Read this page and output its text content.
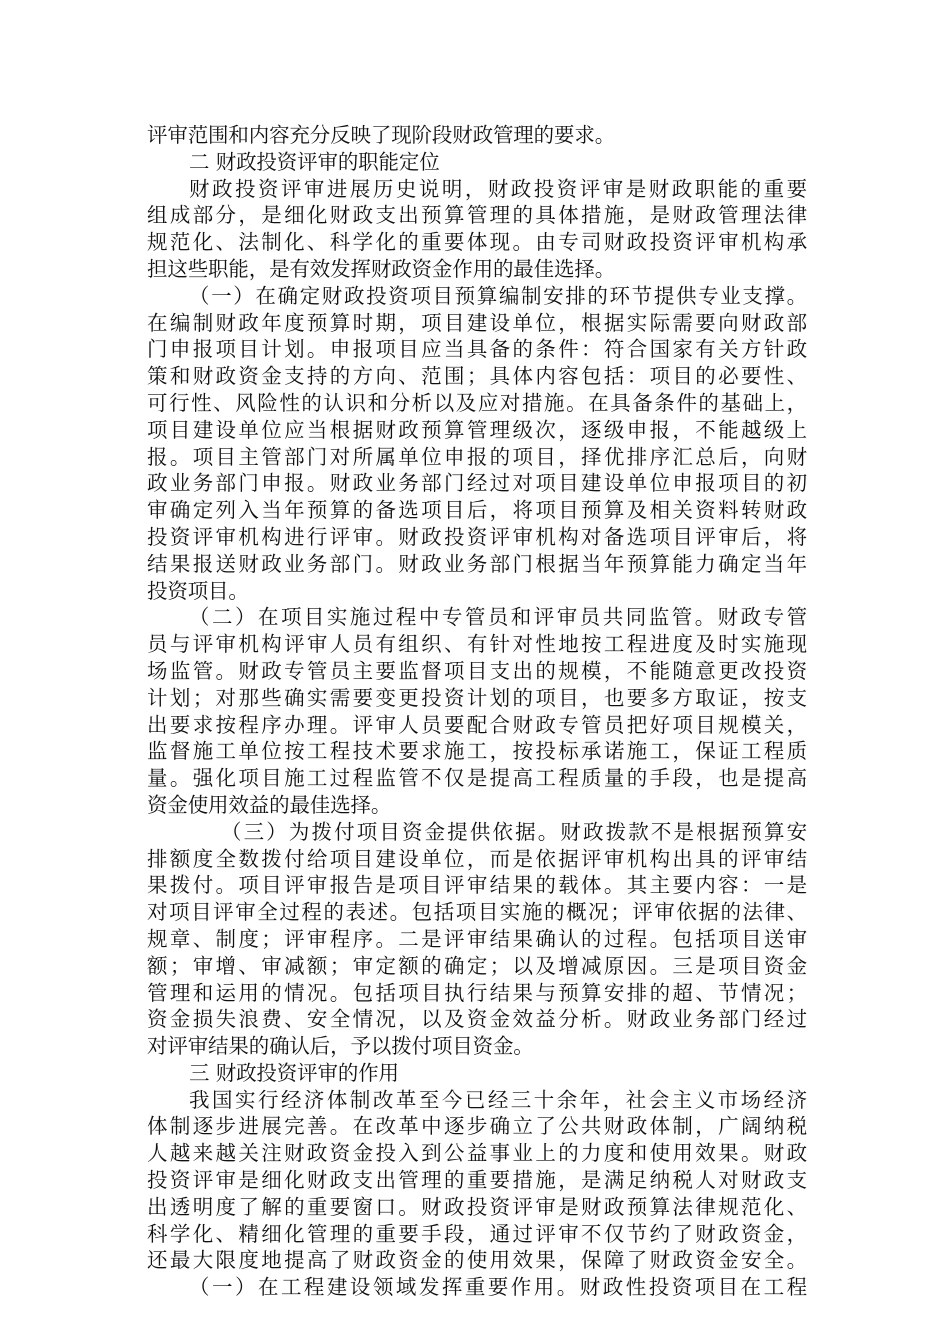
评审范围和内容充分反映了现阶段财政管理的要求。
二 财政投资评审的职能定位
财政投资评审进展历史说明，财政投资评审是财政职能的重要
组成部分，是细化财政支出预算管理的具体措施，是财政管理法律
规范化、法制化、科学化的重要体现。由专司财政投资评审机构承
担这些职能，是有效发挥财政资金作用的最佳选择。
（一）在确定财政投资项目预算编制安排的环节提供专业支撑。
在编制财政年度预算时期，项目建设单位，根据实际需要向财政部
门申报项目计划。申报项目应当具备的条件：符合国家有关方针政
策和财政资金支持的方向、范围；具体内容包括：项目的必要性、
可行性、风险性的认识和分析以及应对措施。在具备条件的基础上，
项目建设单位应当根据财政预算管理级次，逐级申报，不能越级上
报。项目主管部门对所属单位申报的项目，择优排序汇总后，向财
政业务部门申报。财政业务部门经过对项目建设单位申报项目的初
审确定列入当年预算的备选项目后，将项目预算及相关资料转财政
投资评审机构进行评审。财政投资评审机构对备选项目评审后，将
结果报送财政业务部门。财政业务部门根据当年预算能力确定当年
投资项目。
（二）在项目实施过程中专管员和评审员共同监管。财政专管
员与评审机构评审人员有组织、有针对性地按工程进度及时实施现
场监管。财政专管员主要监督项目支出的规模，不能随意更改投资
计划；对那些确实需要变更投资计划的项目，也要多方取证，按支
出要求按程序办理。评审人员要配合财政专管员把好项目规模关，
监督施工单位按工程技术要求施工，按投标承诺施工，保证工程质
量。强化项目施工过程监管不仅是提高工程质量的手段，也是提高
资金使用效益的最佳选择。
（三）为拨付项目资金提供依据。财政拨款不是根据预算安
排额度全数拨付给项目建设单位，而是依据评审机构出具的评审结
果拨付。项目评审报告是项目评审结果的载体。其主要内容：一是
对项目评审全过程的表述。包括项目实施的概况；评审依据的法律、
规章、制度；评审程序。二是评审结果确认的过程。包括项目送审
额；审增、审减额；审定额的确定；以及增减原因。三是项目资金
管理和运用的情况。包括项目执行结果与预算安排的超、节情况；
资金损失浪费、安全情况，以及资金效益分析。财政业务部门经过
对评审结果的确认后，予以拨付项目资金。
三 财政投资评审的作用
我国实行经济体制改革至今已经三十余年，社会主义市场经济
体制逐步进展完善。在改革中逐步确立了公共财政体制，广阔纳税
人越来越关注财政资金投入到公益事业上的力度和使用效果。财政
投资评审是细化财政支出管理的重要措施，是满足纳税人对财政支
出透明度了解的重要窗口。财政投资评审是财政预算法律规范化、
科学化、精细化管理的重要手段，通过评审不仅节约了财政资金，
还最大限度地提高了财政资金的使用效果，保障了财政资金安全。
（一）在工程建设领域发挥重要作用。财政性投资项目在工程
